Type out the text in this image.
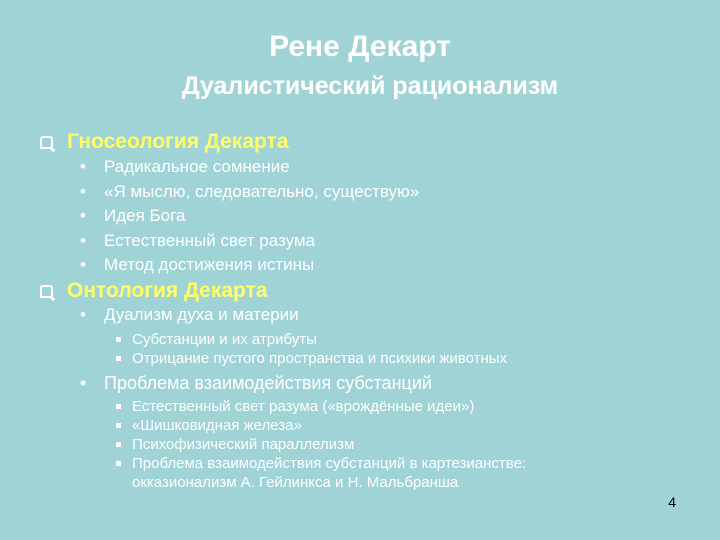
Рене Декарт
Дуалистический рационализм
Гносеология Декарта
• Радикальное сомнение
• «Я мыслю, следовательно, существую»
• Идея Бога
• Естественный свет разума
• Метод достижения истины
Онтология Декарта
• Дуализм духа и материи
Субстанции и их атрибуты
Отрицание пустого пространства и психики животных
• Проблема взаимодействия субстанций
Естественный свет разума («врождённые идеи»)
«Шишковидная железа»
Психофизический параллелизм
Проблема взаимодействия субстанций в картезианстве:
окказионализм А. Гейлинкса и Н. Мальбранша
4
